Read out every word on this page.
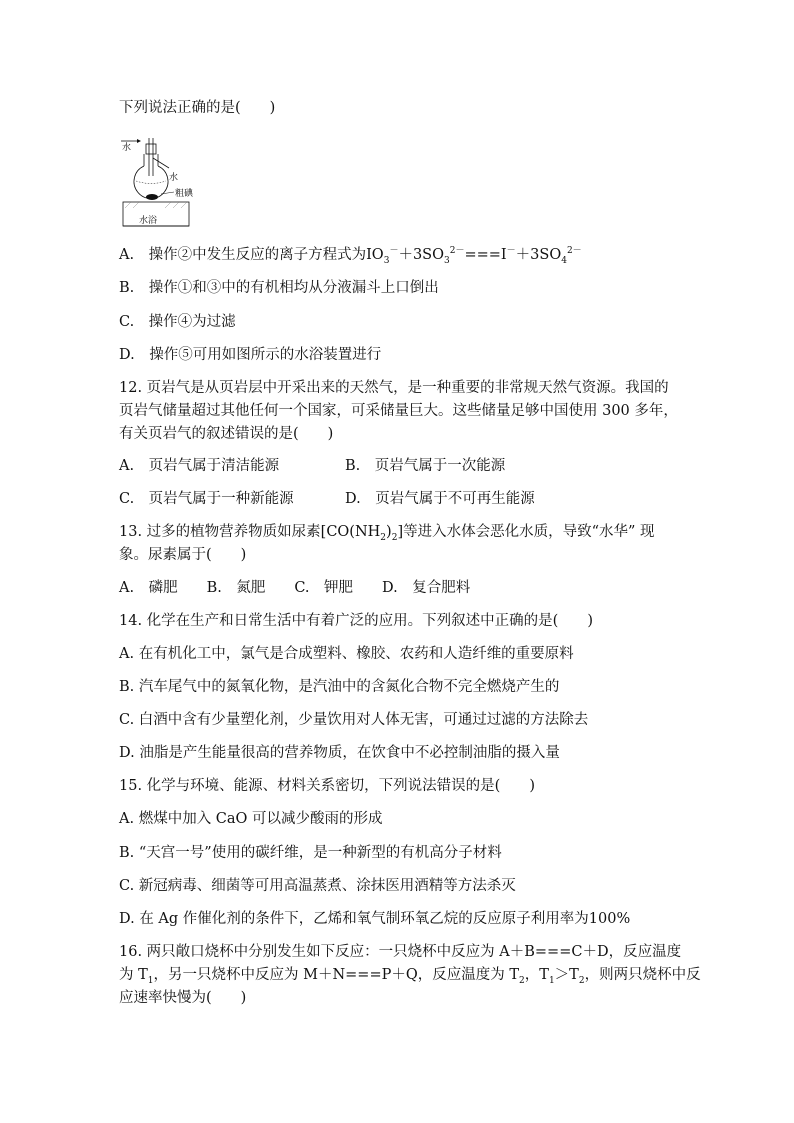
下列说法正确的是(　　)
水
水
粗碘
水浴
A.　操作②中发生反应的离子方程式为$IO_3^-+3SO_3^{2-}===I^-+3SO_4^{2-}$
B.　操作①和③中的有机相均从分液漏斗上口倒出
C.　操作④为过滤
D.　操作⑤可用如图所示的水浴装置进行
12. 页岩气是从页岩层中开采出来的天然气，是一种重要的非常规天然气资源。我国的
页岩气储量超过其他任何一个国家，可采储量巨大。这些储量足够中国使用 300 多年，
有关页岩气的叙述错误的是(　　)
A.　页岩气属于清洁能源	B.　页岩气属于一次能源
C.　页岩气属于一种新能源	D.　页岩气属于不可再生能源
13. 过多的植物营养物质如尿素$[CO(NH_2)_2]$等进入水体会恶化水质，导致“水华” 现
象。尿素属于(　　)
A.　磷肥　　B.　氮肥　　C.　钾肥　　D.　复合肥料
14. 化学在生产和日常生活中有着广泛的应用。下列叙述中正确的是(　　)
A. 在有机化工中，氯气是合成塑料、橡胶、农药和人造纤维的重要原料
B. 汽车尾气中的氮氧化物，是汽油中的含氮化合物不完全燃烧产生的
C. 白酒中含有少量塑化剂，少量饮用对人体无害，可通过过滤的方法除去
D. 油脂是产生能量很高的营养物质，在饮食中不必控制油脂的摄入量
15. 化学与环境、能源、材料关系密切，下列说法错误的是(　　)
A. 燃煤中加入 CaO 可以减少酸雨的形成
B. “天宫一号”使用的碳纤维，是一种新型的有机高分子材料
C. 新冠病毒、细菌等可用高温蒸煮、涂抹医用酒精等方法杀灭
D. 在 Ag 作催化剂的条件下，乙烯和氧气制环氧乙烷的反应原子利用率为100%
16. 两只敞口烧杯中分别发生如下反应：一只烧杯中反应为 A＋B===C＋D，反应温度
为 $T_1$，另一只烧杯中反应为 M＋N===P＋Q，反应温度为 $T_2$，$T_1>T_2$，则两只烧杯中反
应速率快慢为(　　)
